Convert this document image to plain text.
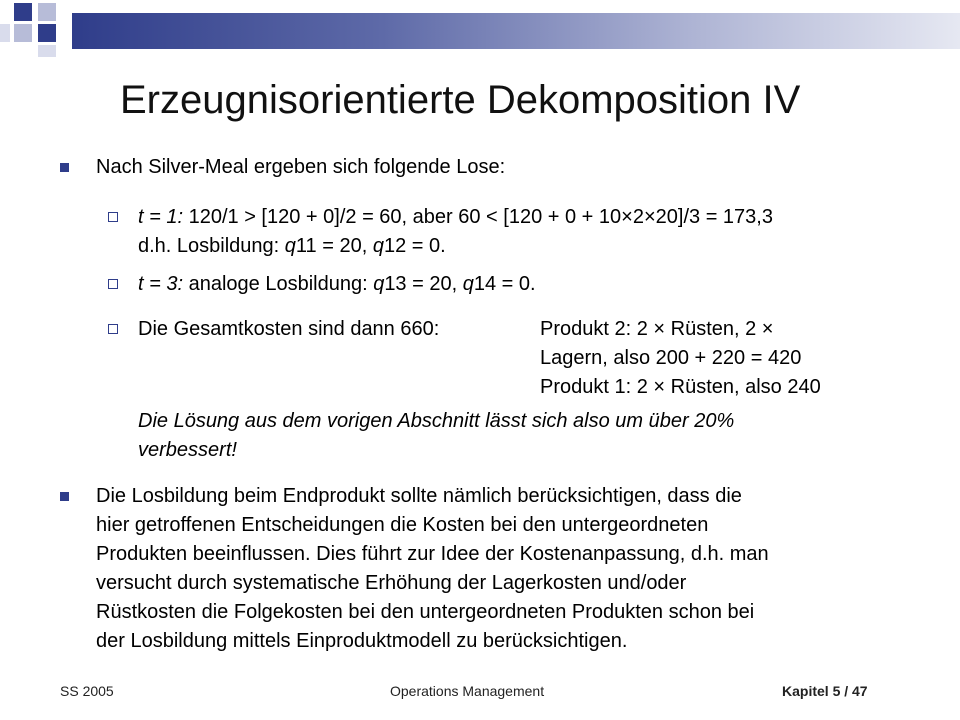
Erzeugnisorientierte Dekomposition IV
Nach Silver-Meal ergeben sich folgende Lose:
t = 1: 120/1 > [120 + 0]/2 = 60, aber 60 < [120 + 0 + 10×2×20]/3 = 173,3
d.h. Losbildung: q11 = 20, q12 = 0.
t = 3: analoge Losbildung: q13 = 20, q14 = 0.
Die Gesamtkosten sind dann 660:	Produkt 2: 2 × Rüsten, 2 ×
Lagern, also 200 + 220 = 420
Produkt 1: 2 × Rüsten, also 240
Die Lösung aus dem vorigen Abschnitt lässt sich also um über 20%
verbessert!
Die Losbildung beim Endprodukt sollte nämlich berücksichtigen, dass die
hier getroffenen Entscheidungen die Kosten bei den untergeordneten
Produkten beeinflussen. Dies führt zur Idee der Kostenanpassung, d.h. man
versucht durch systematische Erhöhung der Lagerkosten und/oder
Rüstkosten die Folgekosten bei den untergeordneten Produkten schon bei
der Losbildung mittels Einproduktmodell zu berücksichtigen.
SS 2005	Operations Management	Kapitel 5 / 47
